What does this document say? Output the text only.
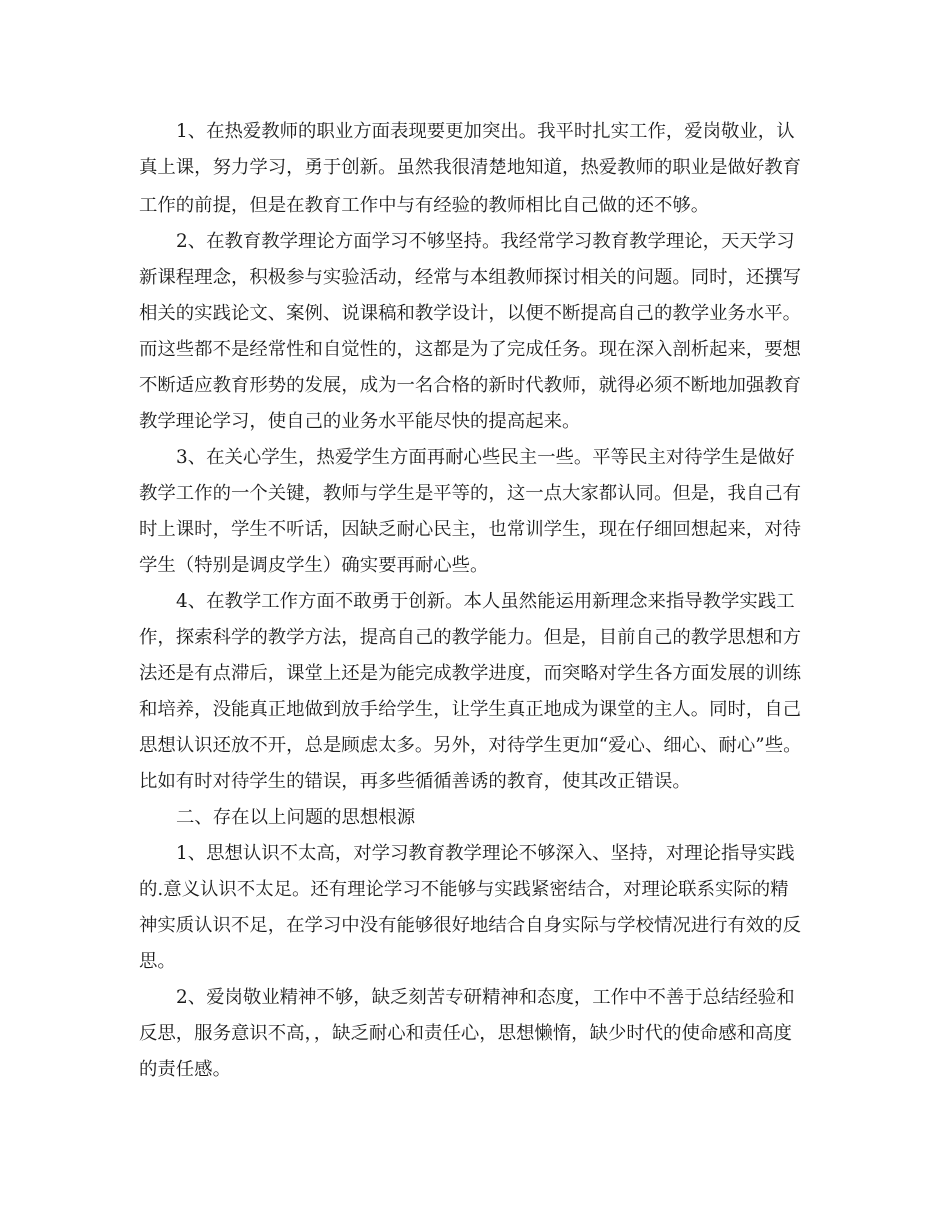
1、在热爱教师的职业方面表现要更加突出。我平时扎实工作，爱岗敬业，认
真上课，努力学习，勇于创新。虽然我很清楚地知道，热爱教师的职业是做好教育
工作的前提，但是在教育工作中与有经验的教师相比自己做的还不够。
2、在教育教学理论方面学习不够坚持。我经常学习教育教学理论，天天学习
新课程理念，积极参与实验活动，经常与本组教师探讨相关的问题。同时，还撰写
相关的实践论文、案例、说课稿和教学设计，以便不断提高自己的教学业务水平。
而这些都不是经常性和自觉性的，这都是为了完成任务。现在深入剖析起来，要想
不断适应教育形势的发展，成为一名合格的新时代教师，就得必须不断地加强教育
教学理论学习，使自己的业务水平能尽快的提高起来。
3、在关心学生，热爱学生方面再耐心些民主一些。平等民主对待学生是做好
教学工作的一个关键，教师与学生是平等的，这一点大家都认同。但是，我自己有
时上课时，学生不听话，因缺乏耐心民主，也常训学生，现在仔细回想起来，对待
学生（特别是调皮学生）确实要再耐心些。
4、在教学工作方面不敢勇于创新。本人虽然能运用新理念来指导教学实践工
作，探索科学的教学方法，提高自己的教学能力。但是，目前自己的教学思想和方
法还是有点滞后，课堂上还是为能完成教学进度，而突略对学生各方面发展的训练
和培养，没能真正地做到放手给学生，让学生真正地成为课堂的主人。同时，自己
思想认识还放不开，总是顾虑太多。另外，对待学生更加“爱心、细心、耐心”些。
比如有时对待学生的错误，再多些循循善诱的教育，使其改正错误。
二、存在以上问题的思想根源
1、思想认识不太高，对学习教育教学理论不够深入、坚持，对理论指导实践
的.意义认识不太足。还有理论学习不能够与实践紧密结合，对理论联系实际的精
神实质认识不足，在学习中没有能够很好地结合自身实际与学校情况进行有效的反
思。
2、爱岗敬业精神不够，缺乏刻苦专研精神和态度，工作中不善于总结经验和
反思，服务意识不高，，缺乏耐心和责任心，思想懒惰，缺少时代的使命感和高度
的责任感。
